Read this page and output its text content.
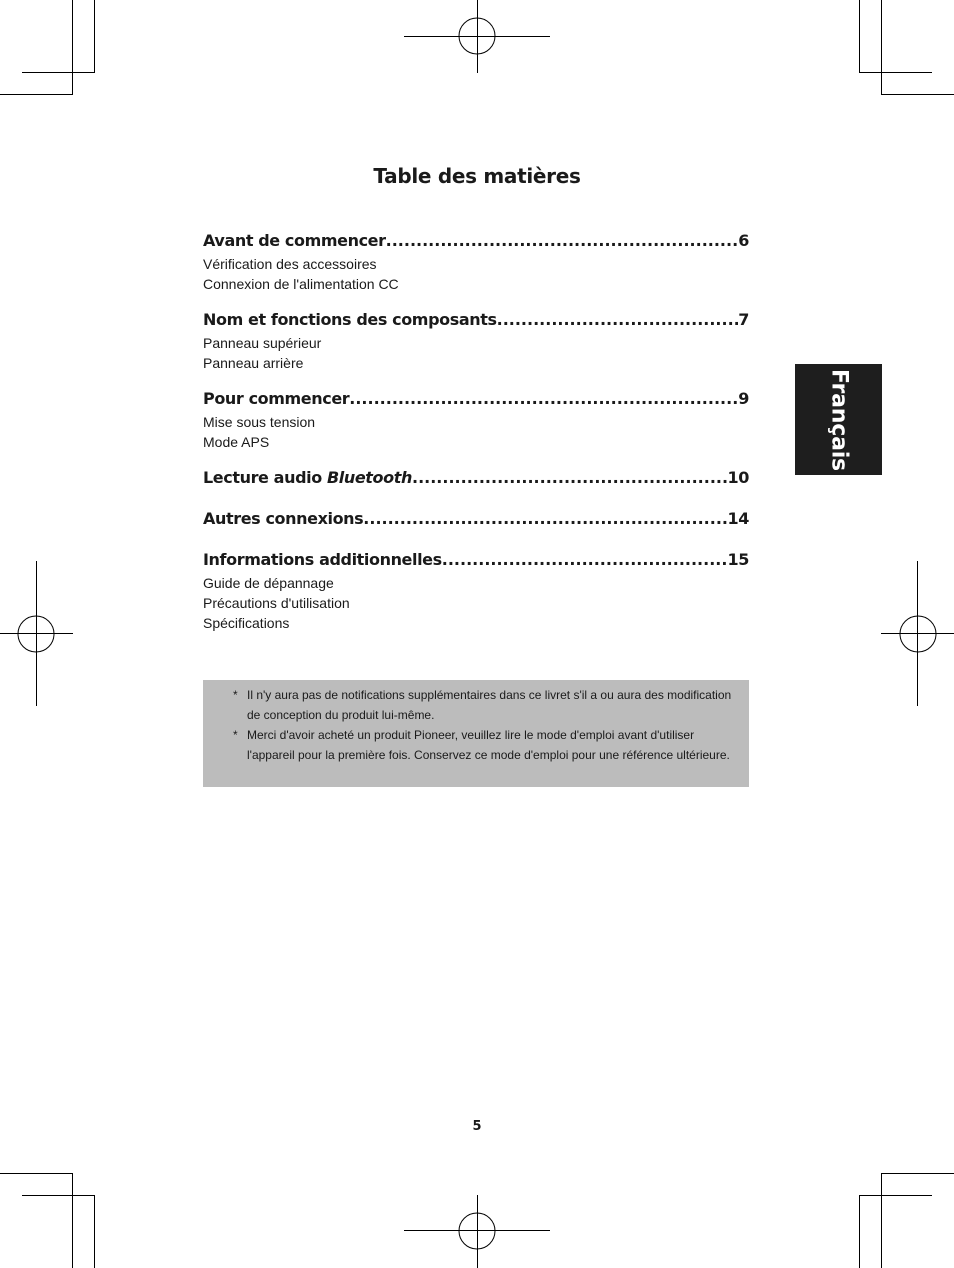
Table des matières
Avant de commencer .....	6
Vérification des accessoires
Connexion de l'alimentation CC
Nom et fonctions des composants .....	7
Panneau supérieur
Panneau arrière
Pour commencer .....	9
Mise sous tension
Mode APS
Lecture audio Bluetooth .....	10
Autres connexions .....	14
Informations additionnelles .....	15
Guide de dépannage
Précautions d'utilisation
Spécifications
* Il n'y aura pas de notifications supplémentaires dans ce livret s'il a ou aura des modification de conception du produit lui-même.
* Merci d'avoir acheté un produit Pioneer, veuillez lire le mode d'emploi avant d'utiliser l'appareil pour la première fois. Conservez ce mode d'emploi pour une référence ultérieure.
Français
5
